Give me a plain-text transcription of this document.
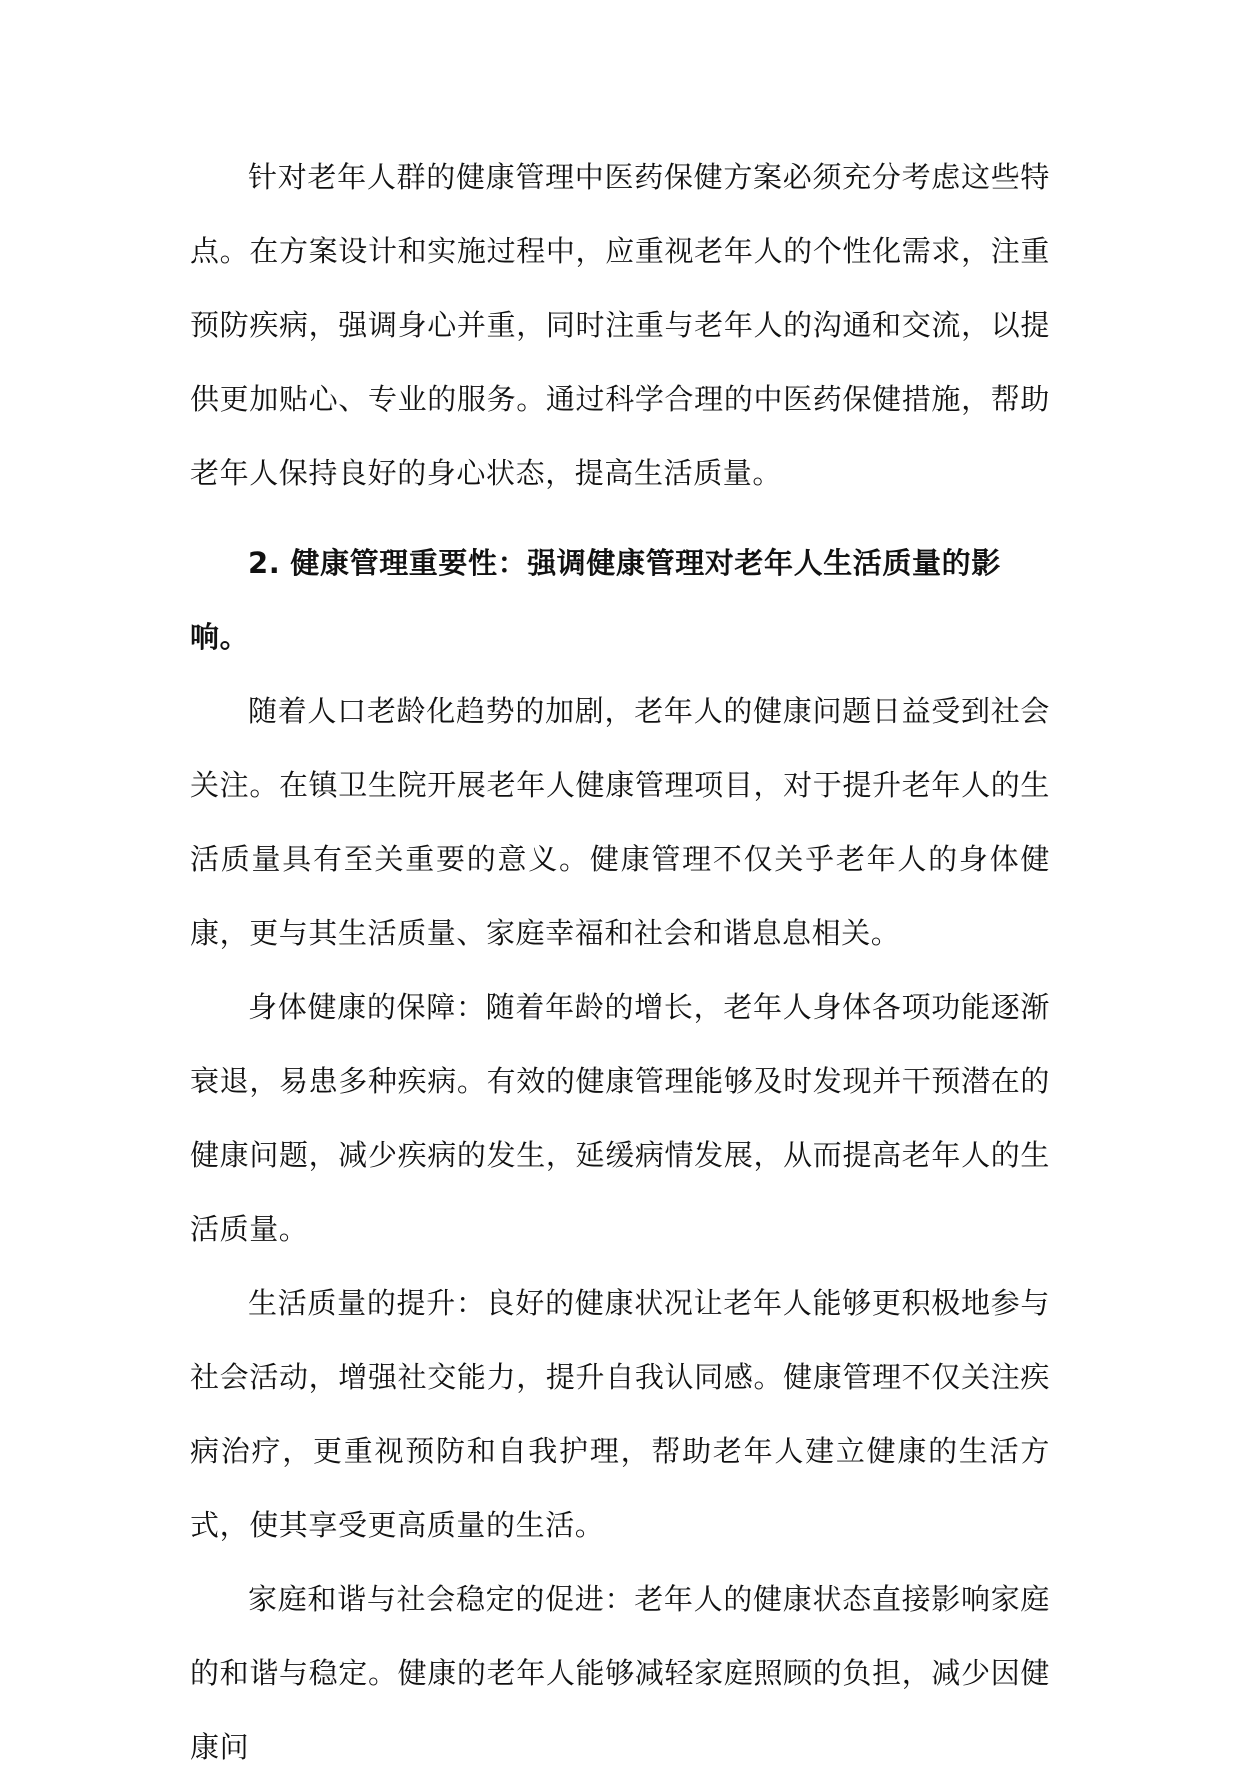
针对老年人群的健康管理中医药保健方案必须充分考虑这些特点。在方案设计和实施过程中，应重视老年人的个性化需求，注重预防疾病，强调身心并重，同时注重与老年人的沟通和交流，以提供更加贴心、专业的服务。通过科学合理的中医药保健措施，帮助老年人保持良好的身心状态，提高生活质量。

2. 健康管理重要性：强调健康管理对老年人生活质量的影响。

随着人口老龄化趋势的加剧，老年人的健康问题日益受到社会关注。在镇卫生院开展老年人健康管理项目，对于提升老年人的生活质量具有至关重要的意义。健康管理不仅关乎老年人的身体健康，更与其生活质量、家庭幸福和社会和谐息息相关。

身体健康的保障：随着年龄的增长，老年人身体各项功能逐渐衰退，易患多种疾病。有效的健康管理能够及时发现并干预潜在的健康问题，减少疾病的发生，延缓病情发展，从而提高老年人的生活质量。

生活质量的提升：良好的健康状况让老年人能够更积极地参与社会活动，增强社交能力，提升自我认同感。健康管理不仅关注疾病治疗，更重视预防和自我护理，帮助老年人建立健康的生活方式，使其享受更高质量的生活。

家庭和谐与社会稳定的促进：老年人的健康状态直接影响家庭的和谐与稳定。健康的老年人能够减轻家庭照顾的负担，减少因健康问
